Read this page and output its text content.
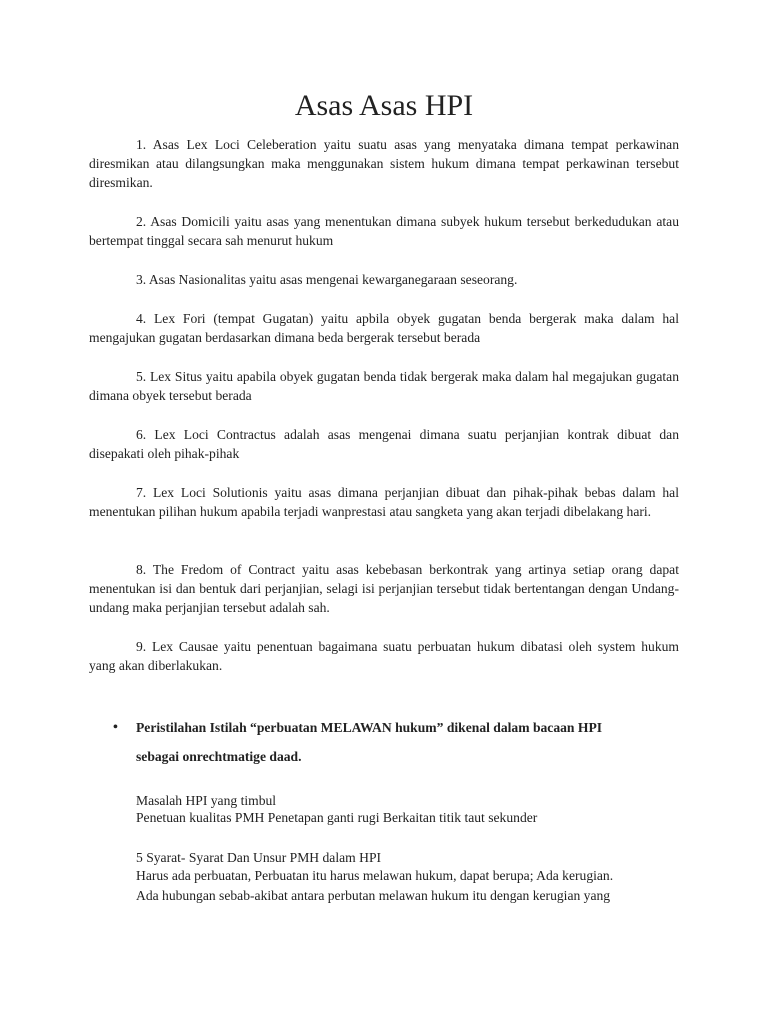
Asas Asas HPI

1. Asas Lex Loci Celeberation yaitu suatu asas yang menyataka dimana tempat perkawinan diresmikan atau dilangsungkan maka menggunakan sistem hukum dimana tempat perkawinan tersebut diresmikan.

2. Asas Domicili yaitu asas yang menentukan dimana subyek hukum tersebut berkedudukan atau bertempat tinggal secara sah menurut hukum

3. Asas Nasionalitas yaitu asas mengenai kewarganegaraan seseorang.

4. Lex Fori (tempat Gugatan) yaitu apbila obyek gugatan benda bergerak maka dalam hal mengajukan gugatan berdasarkan dimana beda bergerak tersebut berada

5. Lex Situs yaitu apabila obyek gugatan benda tidak bergerak maka dalam hal megajukan gugatan dimana obyek tersebut berada

6. Lex Loci Contractus adalah asas mengenai dimana suatu perjanjian kontrak dibuat dan disepakati oleh pihak-pihak

7. Lex Loci Solutionis yaitu asas dimana perjanjian dibuat dan pihak-pihak bebas dalam hal menentukan pilihan hukum apabila terjadi wanprestasi atau sangketa yang akan terjadi dibelakang hari.

8. The Fredom of Contract yaitu asas kebebasan berkontrak yang artinya setiap orang dapat menentukan isi dan bentuk dari perjanjian, selagi isi perjanjian tersebut tidak bertentangan dengan Undang-undang maka perjanjian tersebut adalah sah.

9. Lex Causae yaitu penentuan bagaimana suatu perbuatan hukum dibatasi oleh system hukum yang akan diberlakukan.

• Peristilahan Istilah “perbuatan MELAWAN hukum” dikenal dalam bacaan HPI

sebagai onrechtmatige daad.

Masalah HPI yang timbul

Penetuan kualitas PMH Penetapan ganti rugi Berkaitan titik taut sekunder

5 Syarat- Syarat Dan Unsur PMH dalam HPI

Harus ada perbuatan, Perbuatan itu harus melawan hukum, dapat berupa; Ada kerugian.

Ada hubungan sebab-akibat antara perbutan melawan hukum itu dengan kerugian yang
